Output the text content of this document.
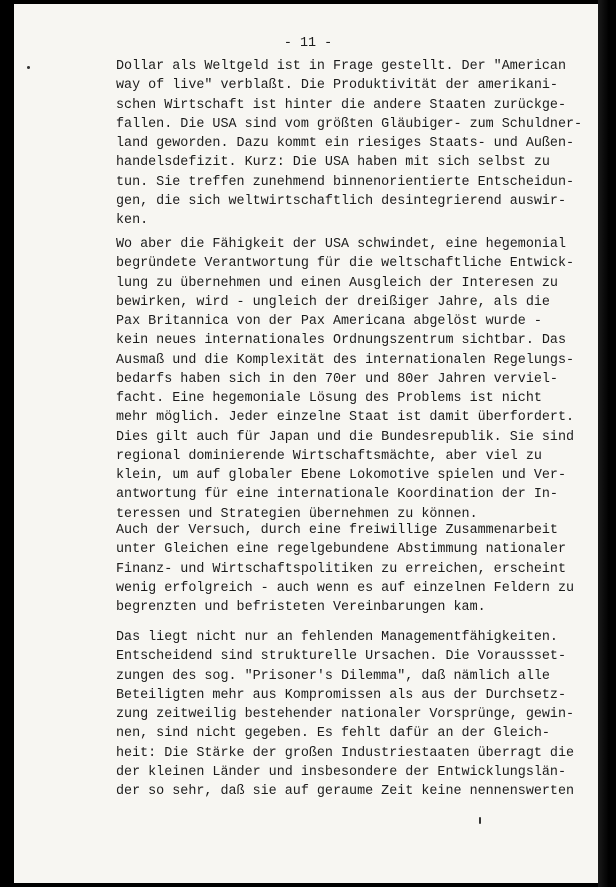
- 11 -

Dollar als Weltgeld ist in Frage gestellt. Der "American
way of live" verblaßt. Die Produktivität der amerikani-
schen Wirtschaft ist hinter die andere Staaten zurückge-
fallen. Die USA sind vom größten Gläubiger- zum Schuldner-
land geworden. Dazu kommt ein riesiges Staats- und Außen-
handelsdefizit. Kurz: Die USA haben mit sich selbst zu
tun. Sie treffen zunehmend binnenorientierte Entscheidun-
gen, die sich weltwirtschaftlich desintegrierend auswir-
ken.

Wo aber die Fähigkeit der USA schwindet, eine hegemonial
begründete Verantwortung für die weltschaftliche Entwick-
lung zu übernehmen und einen Ausgleich der Interesen zu
bewirken, wird - ungleich der dreißiger Jahre, als die
Pax Britannica von der Pax Americana abgelöst wurde -
kein neues internationales Ordnungszentrum sichtbar. Das
Ausmaß und die Komplexität des internationalen Regelungs-
bedarfs haben sich in den 70er und 80er Jahren verviel-
facht. Eine hegemoniale Lösung des Problems ist nicht
mehr möglich. Jeder einzelne Staat ist damit überfordert.
Dies gilt auch für Japan und die Bundesrepublik. Sie sind
regional dominierende Wirtschaftsmächte, aber viel zu
klein, um auf globaler Ebene Lokomotive spielen und Ver-
antwortung für eine internationale Koordination der In-
teressen und Strategien übernehmen zu können.

Auch der Versuch, durch eine freiwillige Zusammenarbeit
unter Gleichen eine regelgebundene Abstimmung nationaler
Finanz- und Wirtschaftspolitiken zu erreichen, erscheint
wenig erfolgreich - auch wenn es auf einzelnen Feldern zu
begrenzten und befristeten Vereinbarungen kam.

Das liegt nicht nur an fehlenden Managementfähigkeiten.
Entscheidend sind strukturelle Ursachen. Die Voraussset-
zungen des sog. "Prisoner's Dilemma", daß nämlich alle
Beteiligten mehr aus Kompromissen als aus der Durchsetz-
zung zeitweilig bestehender nationaler Vorsprünge, gewin-
nen, sind nicht gegeben. Es fehlt dafür an der Gleich-
heit: Die Stärke der großen Industriestaaten überragt die
der kleinen Länder und insbesondere der Entwicklungslän-
der so sehr, daß sie auf geraume Zeit keine nennenswerten
